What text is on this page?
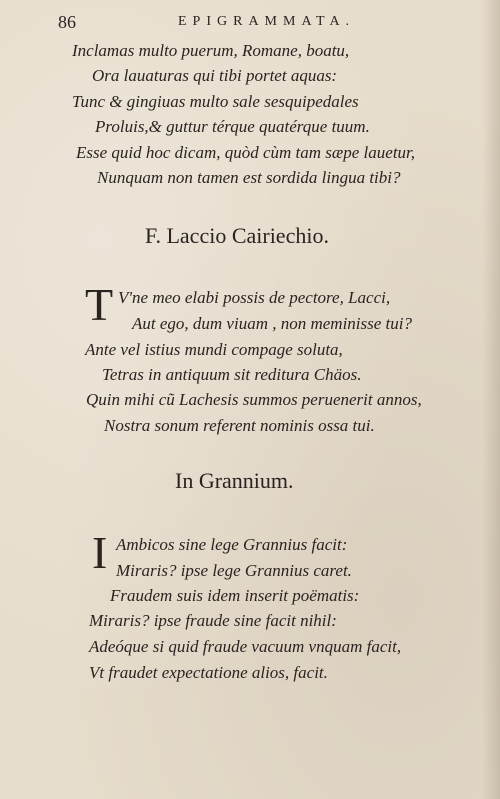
86	EPIGRAMMATA.
Inclamas multo puerum, Romane, boatu,
Ora lauaturas qui tibi portet aquas:
Tunc & gingiuas multo sale sesquipedales
Proluis,& guttur térque quatérque tuum.
Esse quid hoc dicam, quòd cùm tam sæpe lauetur,
Nunquam non tamen est sordida lingua tibi?
F. Laccio Cairiechio.
T V'ne meo elabi possis de pectore, Lacci,
Aut ego, dum viuam , non meminisse tui?
Ante vel istius mundi compage soluta,
Tetras in antiquum sit reditura Chäos.
Quin mihi cũ Lachesis summos peruenerit annos,
Nostra sonum referent nominis ossa tui.
In Grannium.
I Ambicos sine lege Grannius facit:
Miraris? ipse lege Grannius caret.
Fraudem suis idem inserit poëmatis:
Miraris? ipse fraude sine facit nihil:
Adeóque si quid fraude vacuum vnquam facit,
Vt fraudet expectatione alios, facit.
